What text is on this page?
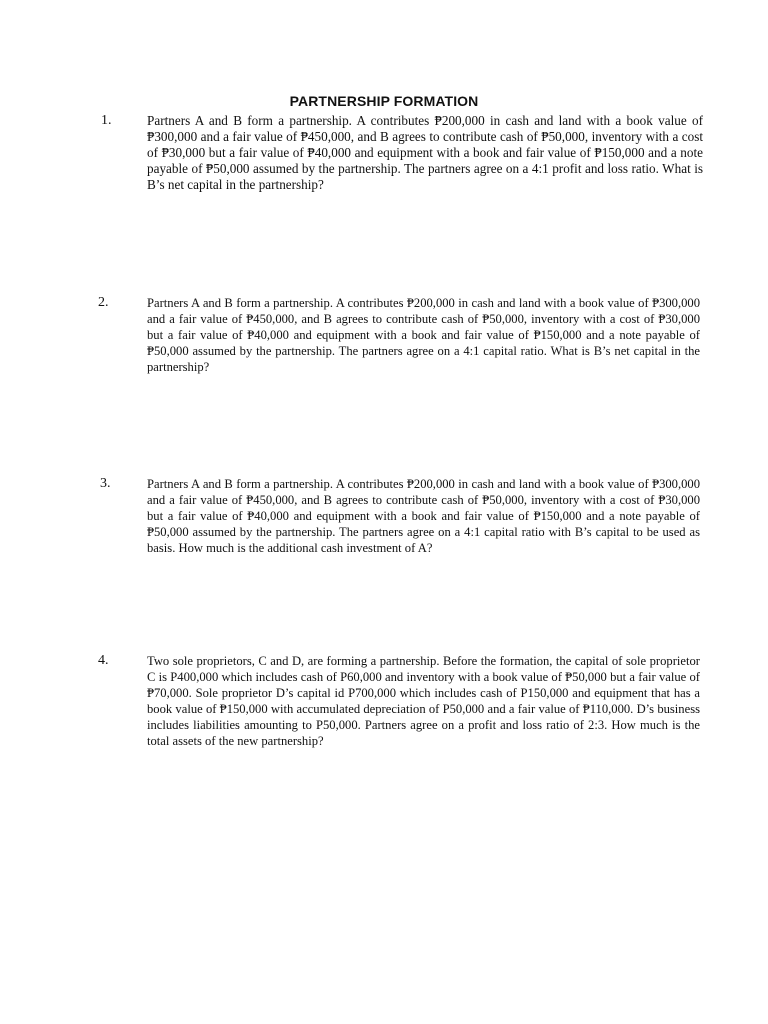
PARTNERSHIP FORMATION
1.	Partners A and B form a partnership. A contributes ₱200,000 in cash and land with a book value of ₱300,000 and a fair value of ₱450,000, and B agrees to contribute cash of ₱50,000, inventory with a cost of ₱30,000 but a fair value of ₱40,000 and equipment with a book and fair value of ₱150,000 and a note payable of ₱50,000 assumed by the partnership. The partners agree on a 4:1 profit and loss ratio. What is B’s net capital in the partnership?
2.	Partners A and B form a partnership. A contributes ₱200,000 in cash and land with a book value of ₱300,000 and a fair value of ₱450,000, and B agrees to contribute cash of ₱50,000, inventory with a cost of ₱30,000 but a fair value of ₱40,000 and equipment with a book and fair value of ₱150,000 and a note payable of ₱50,000 assumed by the partnership. The partners agree on a 4:1 capital ratio. What is B’s net capital in the partnership?
3.	Partners A and B form a partnership. A contributes ₱200,000 in cash and land with a book value of ₱300,000 and a fair value of ₱450,000, and B agrees to contribute cash of ₱50,000, inventory with a cost of ₱30,000 but a fair value of ₱40,000 and equipment with a book and fair value of ₱150,000 and a note payable of ₱50,000 assumed by the partnership. The partners agree on a 4:1 capital ratio with B’s capital to be used as basis. How much is the additional cash investment of A?
4.	Two sole proprietors, C and D, are forming a partnership. Before the formation, the capital of sole proprietor C is P400,000 which includes cash of P60,000 and inventory with a book value of ₱50,000 but a fair value of ₱70,000. Sole proprietor D’s capital id P700,000 which includes cash of P150,000 and equipment that has a book value of ₱150,000 with accumulated depreciation of P50,000 and a fair value of ₱110,000. D’s business includes liabilities amounting to P50,000. Partners agree on a profit and loss ratio of 2:3. How much is the total assets of the new partnership?
